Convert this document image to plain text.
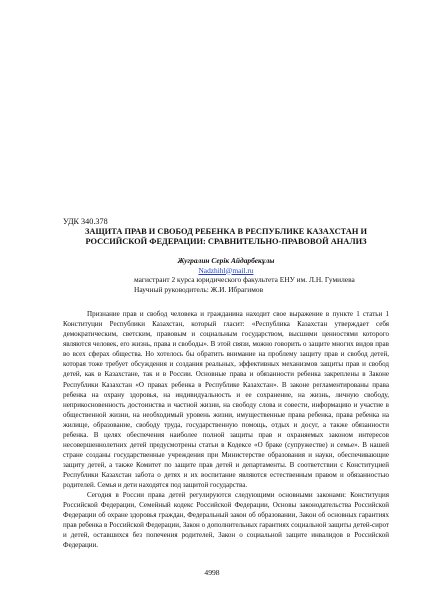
УДК 340.378

ЗАЩИТА ПРАВ И СВОБОД РЕБЕНКА В РЕСПУБЛИКЕ КАЗАХСТАН И

РОССИЙСКОЙ ФЕДЕРАЦИИ: СРАВНИТЕЛЬНО-ПРАВОВОЙ АНАЛИЗ

Жугралин Серік Айдарбекұлы
Nadzhihl@mail.ru
магистрант 2 курса юридического факультета ЕНУ им. Л.Н. Гумилева
Научный руководитель: Ж.И. Ибрагимов

Признание прав и свобод человека и гражданина находит свое выражение в пункте 1 статьи 1 Конституции Республики Казахстан, который гласит: «Республика Казахстан утверждает себя демократическим, светским, правовым и социальным государством, высшими ценностями которого являются человек, его жизнь, права и свободы». В этой связи, можно говорить о защите многих видов прав во всех сферах общества. Но хотелось бы обратить внимание на проблему защиту прав и свобод детей, которая тоже требует обсуждения и создания реальных, эффективных механизмов защиты прав и свобод детей, как в Казахстане, так и в России. Основные права и обязанности ребенка закреплены в Законе Республики Казахстан «О правах ребенка в Республике Казахстан». В законе регламентированы права ребенка на охрану здоровья, на индивидуальность и ее сохранение, на жизнь, личную свободу, неприкосновенность достоинства и частной жизни, на свободу слова и совести, информацию и участие в общественной жизни, на необходимый уровень жизни, имущественные права ребенка, права ребенка на жилище, образование, свободу труда, государственную помощь, отдых и досуг, а также обязанности ребенка. В целях обеспечения наиболее полной защиты прав и охраняемых законом интересов несовершеннолетних детей предусмотрены статьи в Кодексе «О браке (супружестве) и семье». В нашей стране созданы государственные учреждения при Министерстве образования и науки, обеспечивающие защиту детей, а также Комитет по защите прав детей и департаменты. В соответствии с Конституцией Республики Казахстан забота о детях и их воспитание являются естественным правом и обязанностью родителей. Семья и дети находятся под защитой государства.

Сегодня в России права детей регулируются следующими основными законами: Конституция Российской Федерации, Семейный кодекс Российской Федерации, Основы законодательства Российской Федерации об охране здоровья граждан, Федеральный закон об образовании, Закон об основных гарантиях прав ребенка в Российской Федерации, Закон о дополнительных гарантиях социальной защиты детей-сирот и детей, оставшихся без попечения родителей, Закон о социальной защите инвалидов в Российской Федерации.

4998
